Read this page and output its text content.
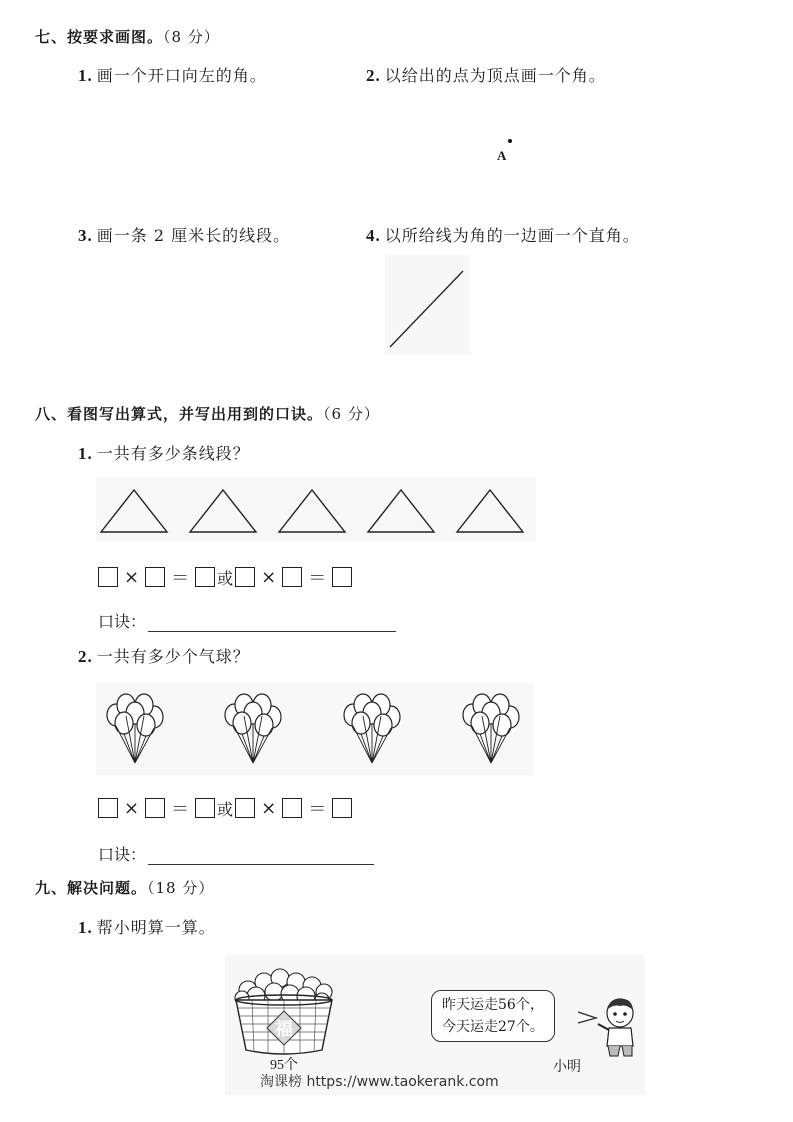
七、按要求画图。（8 分）
1. 画一个开口向左的角。	2. 以给出的点为顶点画一个角。
A
3. 画一条 2 厘米长的线段。	4. 以所给线为角的一边画一个直角。
八、看图写出算式，并写出用到的口诀。（6 分）
1. 一共有多少条线段？
× ＝ 或 × ＝
口诀：
2. 一共有多少个气球？
× ＝ 或 × ＝
口诀：
九、解决问题。（18 分）
1. 帮小明算一算。
福
95个
昨天运走56个，
今天运走27个。
小明
淘课榜 https://www.taokerank.com
